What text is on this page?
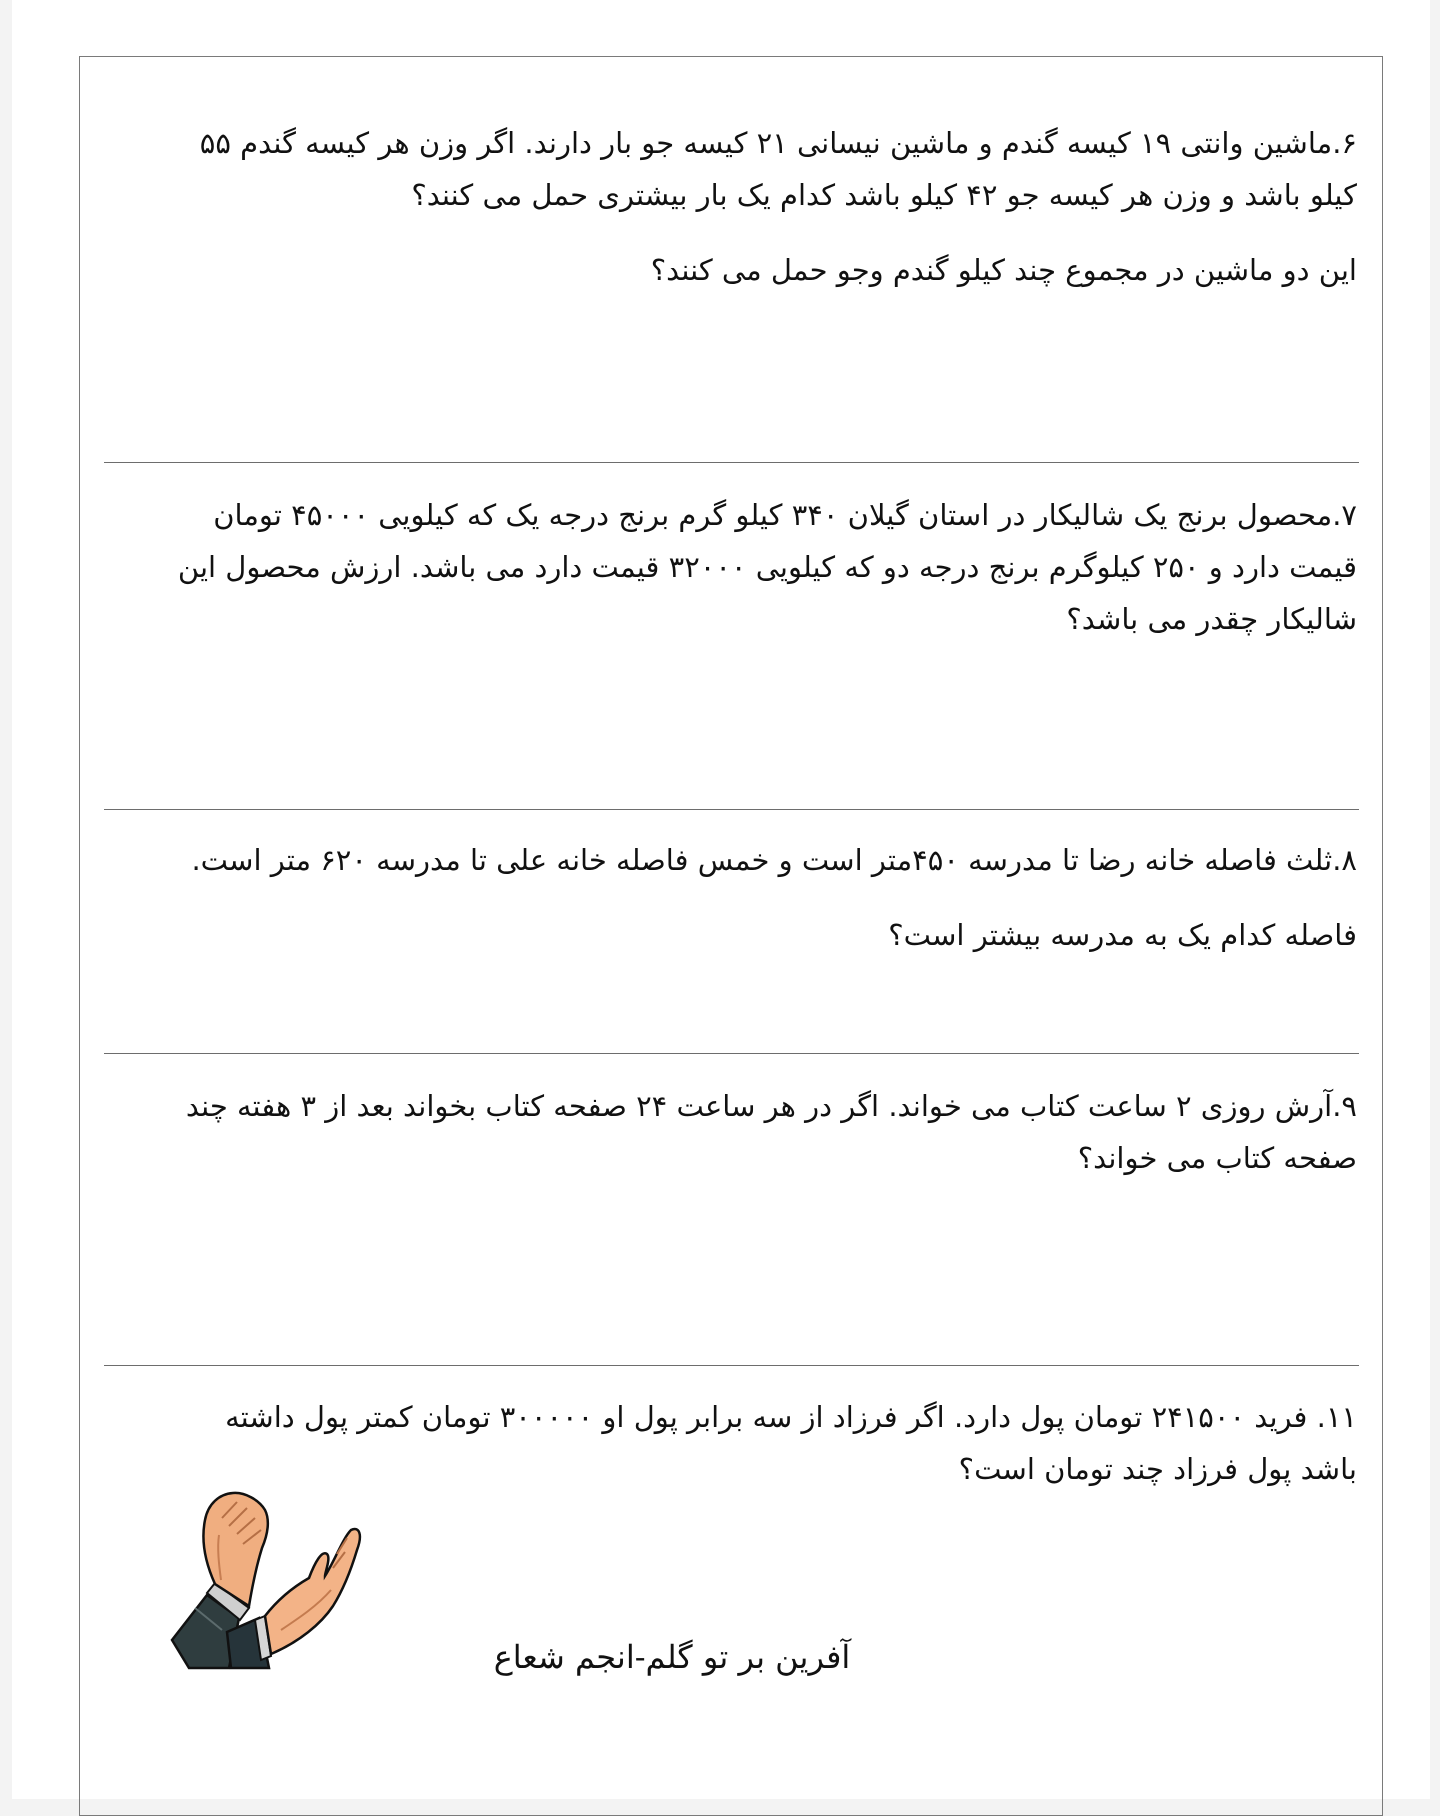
۶.ماشین وانتی ۱۹ کیسه گندم و ماشین نیسانی ۲۱ کیسه جو بار دارند. اگر وزن هر کیسه گندم ۵۵

کیلو باشد و وزن هر کیسه جو ۴۲ کیلو باشد کدام یک بار بیشتری حمل می کنند؟

این دو ماشین در مجموع چند کیلو گندم وجو حمل می کنند؟

۷.محصول برنج یک شالیکار در استان گیلان ۳۴۰ کیلو گرم برنج درجه یک که کیلویی ۴۵۰۰۰ تومان

قیمت دارد و ۲۵۰ کیلوگرم برنج درجه دو که کیلویی ۳۲۰۰۰ قیمت دارد می باشد. ارزش محصول این

شالیکار چقدر می باشد؟

۸.ثلث فاصله خانه رضا تا مدرسه ۴۵۰متر است و خمس فاصله خانه علی تا مدرسه ۶۲۰ متر است.

فاصله کدام یک به مدرسه بیشتر است؟

۹.آرش روزی ۲ ساعت کتاب می خواند. اگر در هر ساعت ۲۴ صفحه کتاب بخواند بعد از ۳ هفته چند

صفحه کتاب می خواند؟

۱۱. فرید ۲۴۱۵۰۰ تومان پول دارد. اگر فرزاد از سه برابر پول او ۳۰۰۰۰۰ تومان کمتر پول داشته

باشد پول فرزاد چند تومان است؟

آفرین بر تو گلم-انجم شعاع
